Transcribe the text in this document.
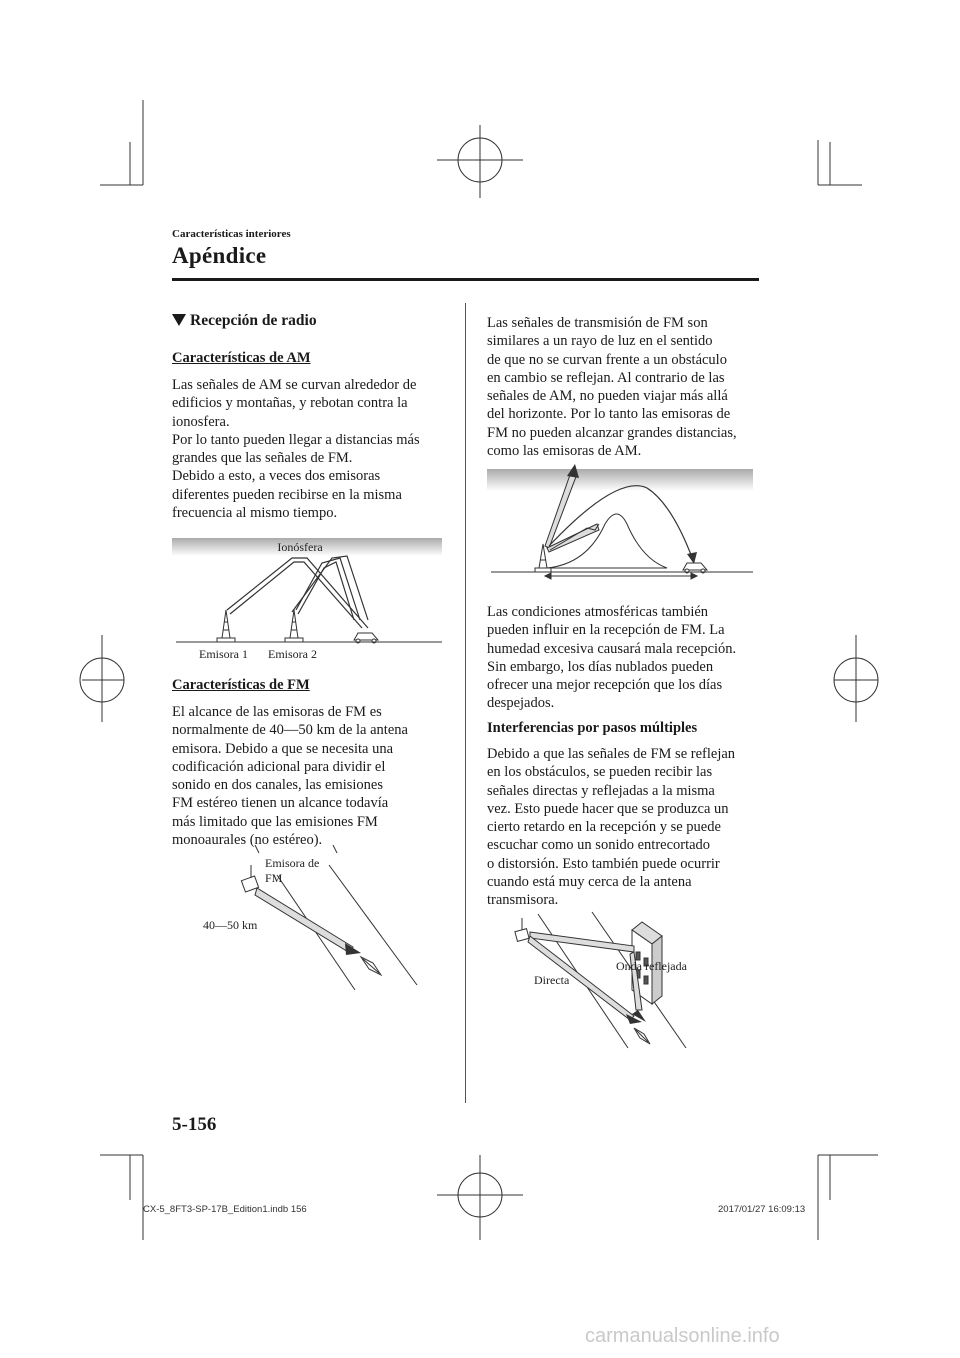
Características interiores
Apéndice
Recepción de radio
Características de AM
Las señales de AM se curvan alrededor de
edificios y montañas, y rebotan contra la
ionosfera.
Por lo tanto pueden llegar a distancias más
grandes que las señales de FM.
Debido a esto, a veces dos emisoras
diferentes pueden recibirse en la misma
frecuencia al mismo tiempo.
Ionósfera
Emisora 1 Emisora 2
Características de FM
El alcance de las emisoras de FM es
normalmente de 40—50 km de la antena
emisora. Debido a que se necesita una
codificación adicional para dividir el
sonido en dos canales, las emisiones
FM estéreo tienen un alcance todavía
más limitado que las emisiones FM
monoaurales (no estéreo).
Emisora de
FM
40—50 km
Las señales de transmisión de FM son
similares a un rayo de luz en el sentido
de que no se curvan frente a un obstáculo
en cambio se reflejan. Al contrario de las
señales de AM, no pueden viajar más allá
del horizonte. Por lo tanto las emisoras de
FM no pueden alcanzar grandes distancias,
como las emisoras de AM.
Las condiciones atmosféricas también
pueden influir en la recepción de FM. La
humedad excesiva causará mala recepción.
Sin embargo, los días nublados pueden
ofrecer una mejor recepción que los días
despejados.
Interferencias por pasos múltiples
Debido a que las señales de FM se reflejan
en los obstáculos, se pueden recibir las
señales directas y reflejadas a la misma
vez. Esto puede hacer que se produzca un
cierto retardo en la recepción y se puede
escuchar como un sonido entrecortado
o distorsión. Esto también puede ocurrir
cuando está muy cerca de la antena
transmisora.
Onda reflejada
Directa
5-156
CX-5_8FT3-SP-17B_Edition1.indb 156	2017/01/27 16:09:13
carmanualsonline.info
